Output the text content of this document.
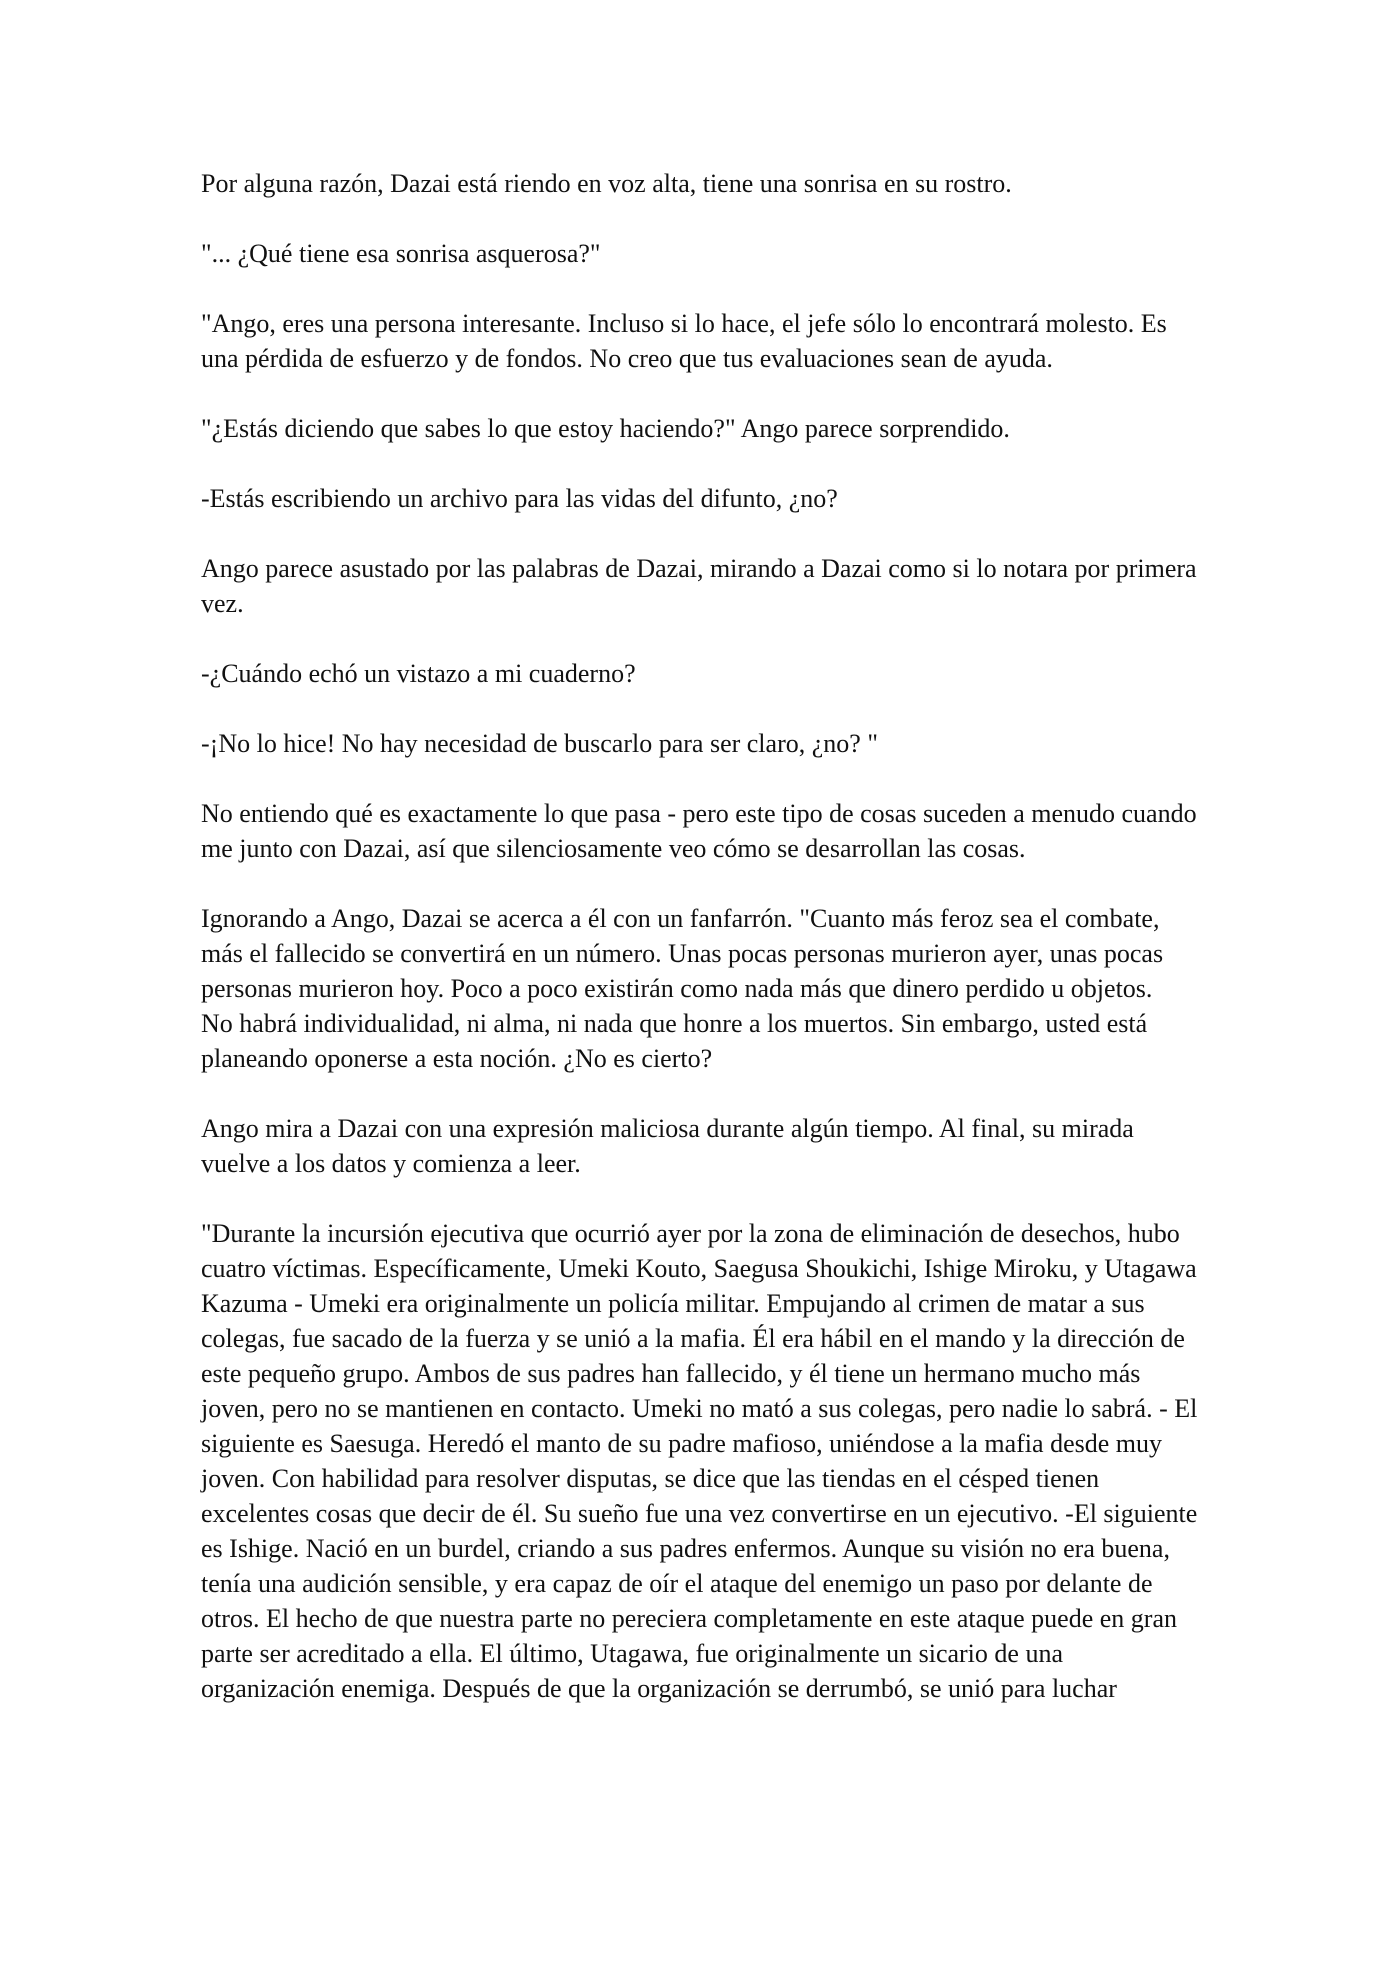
Por alguna razón, Dazai está riendo en voz alta, tiene una sonrisa en su rostro.

"... ¿Qué tiene esa sonrisa asquerosa?"

"Ango, eres una persona interesante. Incluso si lo hace, el jefe sólo lo encontrará molesto. Es una pérdida de esfuerzo y de fondos. No creo que tus evaluaciones sean de ayuda.

"¿Estás diciendo que sabes lo que estoy haciendo?" Ango parece sorprendido.

-Estás escribiendo un archivo para las vidas del difunto, ¿no?

Ango parece asustado por las palabras de Dazai, mirando a Dazai como si lo notara por primera vez.

-¿Cuándo echó un vistazo a mi cuaderno?

-¡No lo hice! No hay necesidad de buscarlo para ser claro, ¿no? "

No entiendo qué es exactamente lo que pasa - pero este tipo de cosas suceden a menudo cuando me junto con Dazai, así que silenciosamente veo cómo se desarrollan las cosas.

Ignorando a Ango, Dazai se acerca a él con un fanfarrón. "Cuanto más feroz sea el combate, más el fallecido se convertirá en un número. Unas pocas personas murieron ayer, unas pocas personas murieron hoy. Poco a poco existirán como nada más que dinero perdido u objetos.
No habrá individualidad, ni alma, ni nada que honre a los muertos. Sin embargo, usted está planeando oponerse a esta noción. ¿No es cierto?

Ango mira a Dazai con una expresión maliciosa durante algún tiempo. Al final, su mirada vuelve a los datos y comienza a leer.

"Durante la incursión ejecutiva que ocurrió ayer por la zona de eliminación de desechos, hubo cuatro víctimas. Específicamente, Umeki Kouto, Saegusa Shoukichi, Ishige Miroku, y Utagawa Kazuma - Umeki era originalmente un policía militar. Empujando al crimen de matar a sus colegas, fue sacado de la fuerza y se unió a la mafia. Él era hábil en el mando y la dirección de este pequeño grupo. Ambos de sus padres han fallecido, y él tiene un hermano mucho más joven, pero no se mantienen en contacto. Umeki no mató a sus colegas, pero nadie lo sabrá. - El siguiente es Saesuga. Heredó el manto de su padre mafioso, uniéndose a la mafia desde muy joven. Con habilidad para resolver disputas, se dice que las tiendas en el césped tienen excelentes cosas que decir de él. Su sueño fue una vez convertirse en un ejecutivo. -El siguiente es Ishige. Nació en un burdel, criando a sus padres enfermos. Aunque su visión no era buena, tenía una audición sensible, y era capaz de oír el ataque del enemigo un paso por delante de otros. El hecho de que nuestra parte no pereciera completamente en este ataque puede en gran parte ser acreditado a ella. El último, Utagawa, fue originalmente un sicario de una organización enemiga. Después de que la organización se derrumbó, se unió para luchar
